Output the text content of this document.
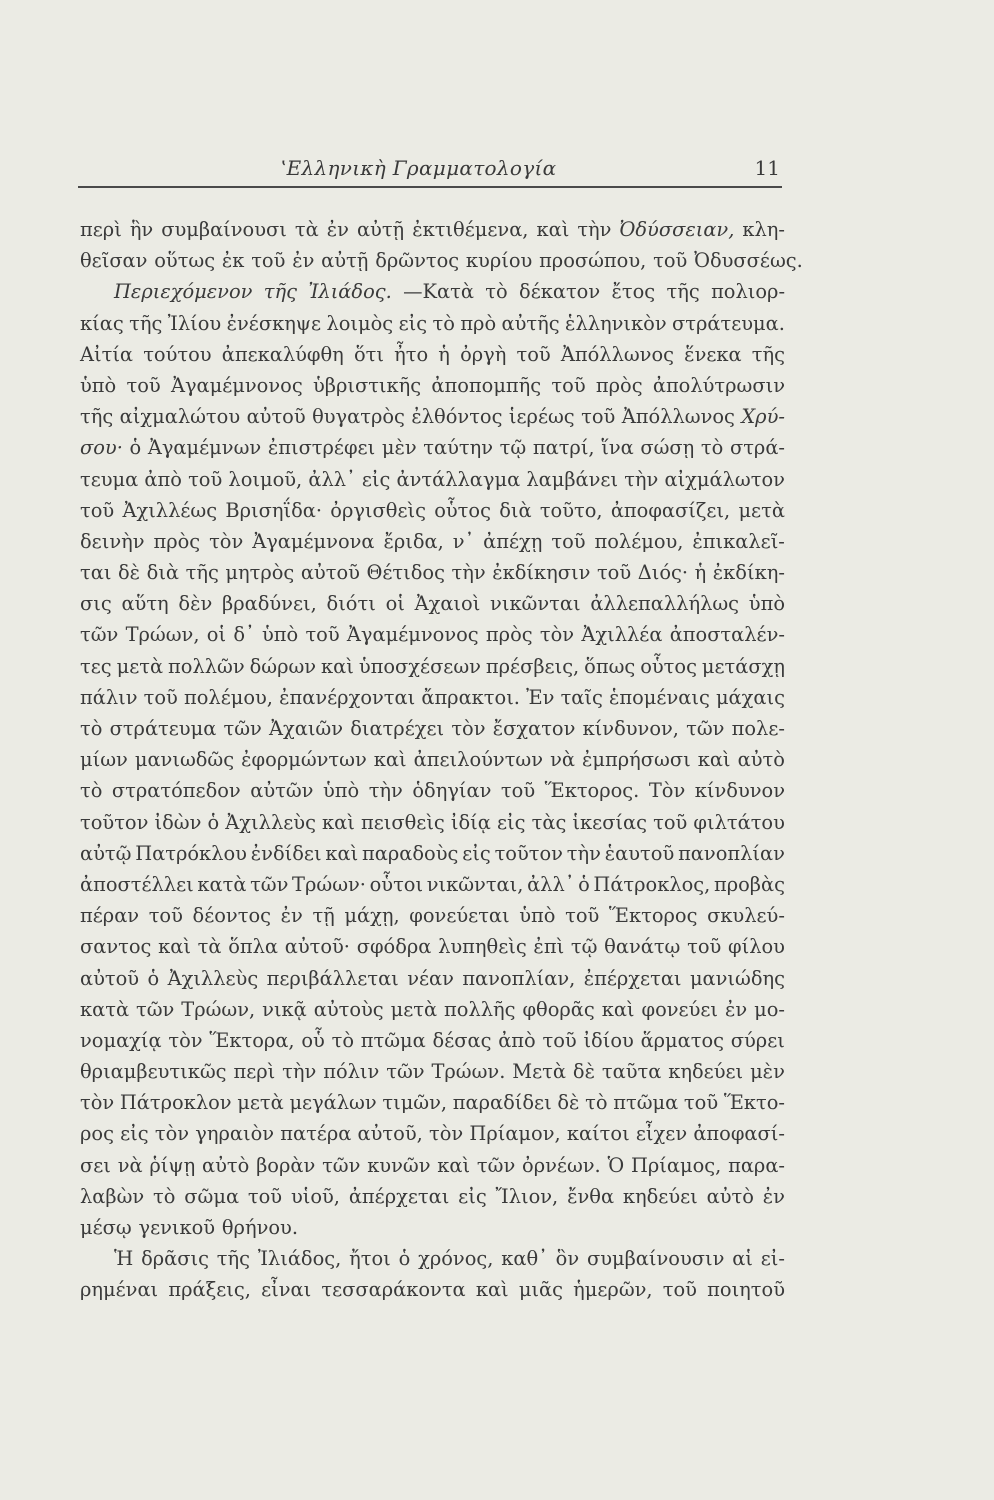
ʽΕλληνικὴ Γραμματολογία	11
περὶ ἣν συμβαίνουσι τὰ ἐν αὐτῇ ἐκτιθέμενα, καὶ τὴν Ὀδύσσειαν, κλη-
θεῖσαν οὕτως ἐκ τοῦ ἐν αὐτῇ δρῶντος κυρίου προσώπου, τοῦ Ὀδυσσέως.
Περιεχόμενον τῆς Ἰλιάδος. —Κατὰ τὸ δέκατον ἔτος τῆς πολιορ-
κίας τῆς Ἰλίου ἐνέσκηψε λοιμὸς εἰς τὸ πρὸ αὐτῆς ἑλληνικὸν στράτευμα.
Αἰτία τούτου ἀπεκαλύφθη ὅτι ἦτο ἡ ὀργὴ τοῦ Ἀπόλλωνος ἕνεκα τῆς
ὑπὸ τοῦ Ἀγαμέμνονος ὑβριστικῆς ἀποπομπῆς τοῦ πρὸς ἀπολύτρωσιν
τῆς αἰχμαλώτου αὐτοῦ θυγατρὸς ἐλθόντος ἱερέως τοῦ Ἀπόλλωνος Χρύ-
σου· ὁ Ἀγαμέμνων ἐπιστρέφει μὲν ταύτην τῷ πατρί, ἵνα σώσῃ τὸ στρά-
τευμα ἀπὸ τοῦ λοιμοῦ, ἀλλ᾽ εἰς ἀντάλλαγμα λαμβάνει τὴν αἰχμάλωτον
τοῦ Ἀχιλλέως Βρισηΐδα· ὀργισθεὶς οὗτος διὰ τοῦτο, ἀποφασίζει, μετὰ
δεινὴν πρὸς τὸν Ἀγαμέμνονα ἔριδα, ν᾽ ἀπέχῃ τοῦ πολέμου, ἐπικαλεῖ-
ται δὲ διὰ τῆς μητρὸς αὐτοῦ Θέτιδος τὴν ἐκδίκησιν τοῦ Διός· ἡ ἐκδίκη-
σις αὕτη δὲν βραδύνει, διότι οἱ Ἀχαιοὶ νικῶνται ἀλλεπαλλήλως ὑπὸ
τῶν Τρώων, οἱ δ᾽ ὑπὸ τοῦ Ἀγαμέμνονος πρὸς τὸν Ἀχιλλέα ἀποσταλέν-
τες μετὰ πολλῶν δώρων καὶ ὑποσχέσεων πρέσβεις, ὅπως οὗτος μετάσχῃ
πάλιν τοῦ πολέμου, ἐπανέρχονται ἄπρακτοι. Ἐν ταῖς ἑπομέναις μάχαις
τὸ στράτευμα τῶν Ἀχαιῶν διατρέχει τὸν ἔσχατον κίνδυνον, τῶν πολε-
μίων μανιωδῶς ἐφορμώντων καὶ ἀπειλούντων νὰ ἐμπρήσωσι καὶ αὐτὸ
τὸ στρατόπεδον αὐτῶν ὑπὸ τὴν ὁδηγίαν τοῦ Ἕκτορος. Τὸν κίνδυνον
τοῦτον ἰδὼν ὁ Ἀχιλλεὺς καὶ πεισθεὶς ἰδίᾳ εἰς τὰς ἱκεσίας τοῦ φιλτάτου
αὐτῷ Πατρόκλου ἐνδίδει καὶ παραδοὺς εἰς τοῦτον τὴν ἑαυτοῦ πανοπλίαν
ἀποστέλλει κατὰ τῶν Τρώων· οὗτοι νικῶνται, ἀλλ᾽ ὁ Πάτροκλος, προβὰς
πέραν τοῦ δέοντος ἐν τῇ μάχῃ, φονεύεται ὑπὸ τοῦ Ἕκτορος σκυλεύ-
σαντος καὶ τὰ ὅπλα αὐτοῦ· σφόδρα λυπηθεὶς ἐπὶ τῷ θανάτῳ τοῦ φίλου
αὐτοῦ ὁ Ἀχιλλεὺς περιβάλλεται νέαν πανοπλίαν, ἐπέρχεται μανιώδης
κατὰ τῶν Τρώων, νικᾷ αὐτοὺς μετὰ πολλῆς φθορᾶς καὶ φονεύει ἐν μο-
νομαχίᾳ τὸν Ἕκτορα, οὗ τὸ πτῶμα δέσας ἀπὸ τοῦ ἰδίου ἅρματος σύρει
θριαμβευτικῶς περὶ τὴν πόλιν τῶν Τρώων. Μετὰ δὲ ταῦτα κηδεύει μὲν
τὸν Πάτροκλον μετὰ μεγάλων τιμῶν, παραδίδει δὲ τὸ πτῶμα τοῦ Ἕκτο-
ρος εἰς τὸν γηραιὸν πατέρα αὐτοῦ, τὸν Πρίαμον, καίτοι εἶχεν ἀποφασί-
σει νὰ ῥίψῃ αὐτὸ βορὰν τῶν κυνῶν καὶ τῶν ὀρνέων. Ὁ Πρίαμος, παρα-
λαβὼν τὸ σῶμα τοῦ υἱοῦ, ἀπέρχεται εἰς Ἴλιον, ἔνθα κηδεύει αὐτὸ ἐν
μέσῳ γενικοῦ θρήνου.
Ἡ δρᾶσις τῆς Ἰλιάδος, ἤτοι ὁ χρόνος, καθ᾽ ὃν συμβαίνουσιν αἱ εἰ-
ρημέναι πράξεις, εἶναι τεσσαράκοντα καὶ μιᾶς ἡμερῶν, τοῦ ποιητοῦ
